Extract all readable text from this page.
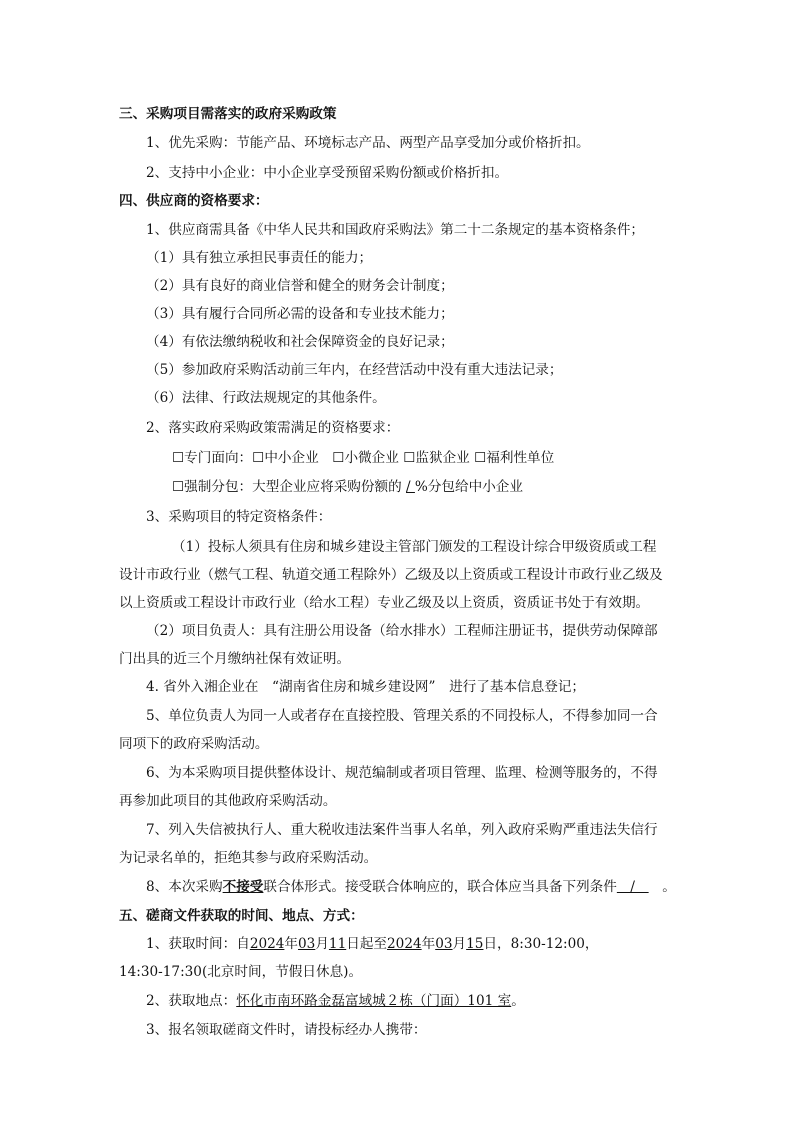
三、采购项目需落实的政府采购政策
1、优先采购：节能产品、环境标志产品、两型产品享受加分或价格折扣。
2、支持中小企业：中小企业享受预留采购份额或价格折扣。
四、供应商的资格要求：
1、供应商需具备《中华人民共和国政府采购法》第二十二条规定的基本资格条件；
（1）具有独立承担民事责任的能力；
（2）具有良好的商业信誉和健全的财务会计制度；
（3）具有履行合同所必需的设备和专业技术能力；
（4）有依法缴纳税收和社会保障资金的良好记录；
（5）参加政府采购活动前三年内，在经营活动中没有重大违法记录；
（6）法律、行政法规规定的其他条件。
2、落实政府采购政策需满足的资格要求：
☐专门面向：☐中小企业　☐小微企业 ☐监狱企业 ☐福利性单位
☐强制分包：大型企业应将采购份额的 / %分包给中小企业
3、采购项目的特定资格条件：
（1）投标人须具有住房和城乡建设主管部门颁发的工程设计综合甲级资质或工程
设计市政行业（燃气工程、轨道交通工程除外）乙级及以上资质或工程设计市政行业乙级及
以上资质或工程设计市政行业（给水工程）专业乙级及以上资质，资质证书处于有效期。
（2）项目负责人：具有注册公用设备（给水排水）工程师注册证书，提供劳动保障部
门出具的近三个月缴纳社保有效证明。
4. 省外入湘企业在　“湖南省住房和城乡建设网”　进行了基本信息登记；
5、单位负责人为同一人或者存在直接控股、管理关系的不同投标人，不得参加同一合
同项下的政府采购活动。
6、为本采购项目提供整体设计、规范编制或者项目管理、监理、检测等服务的，不得
再参加此项目的其他政府采购活动。
7、列入失信被执行人、重大税收违法案件当事人名单，列入政府采购严重违法失信行
为记录名单的，拒绝其参与政府采购活动。
8、本次采购不接受联合体形式。接受联合体响应的，联合体应当具备下列条件　/　　。
五、磋商文件获取的时间、地点、方式：
1、获取时间：自2024年03月11日起至2024年03月15日，8:30-12:00，
14:30-17:30(北京时间，节假日休息)。
2、获取地点：怀化市南环路金磊富域城２栋（门面）101 室。
3、报名领取磋商文件时，请投标经办人携带：
